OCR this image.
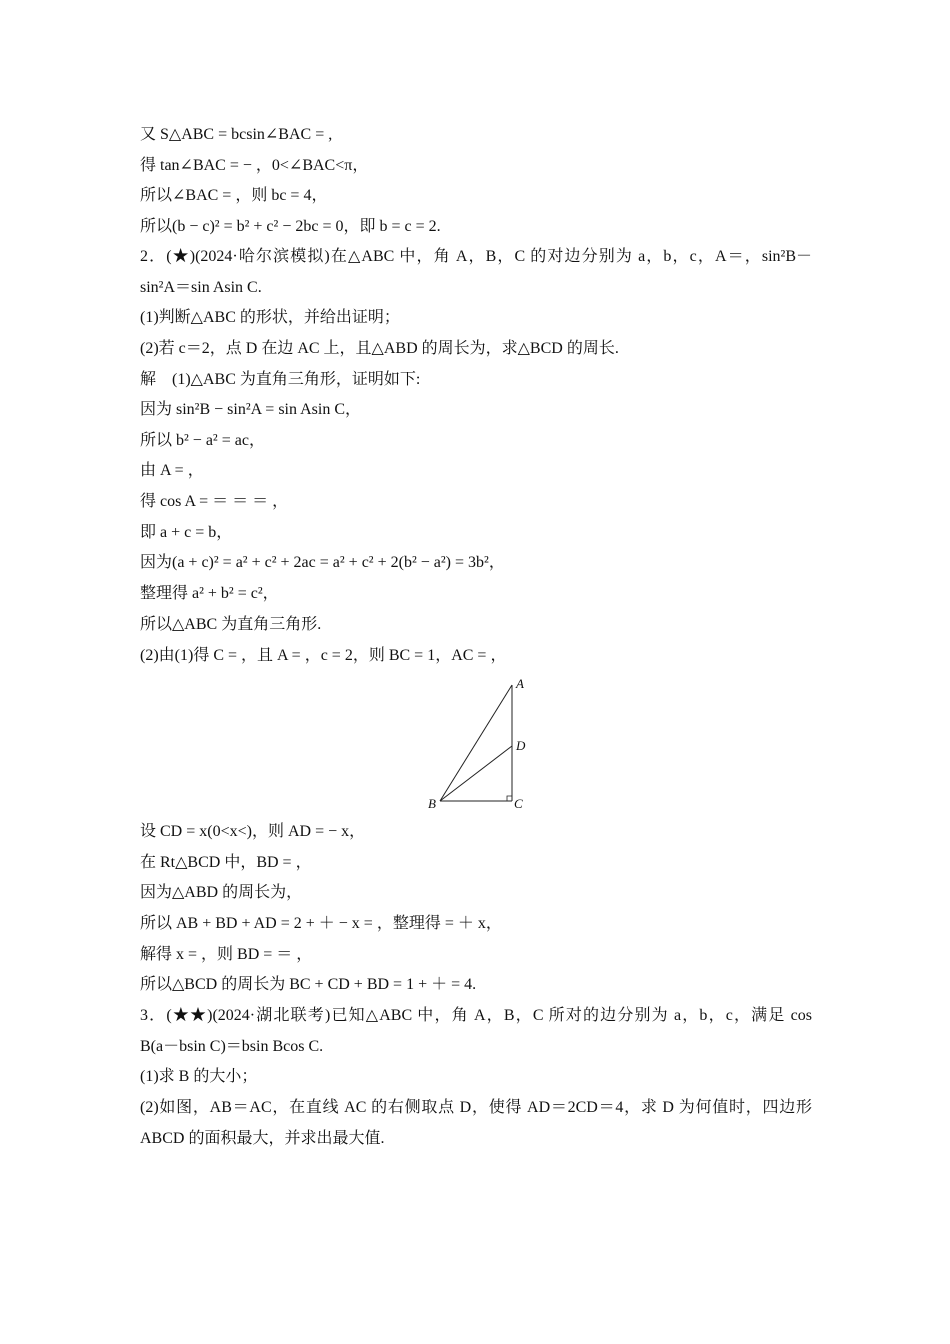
又 S△ABC = bcsin∠BAC = ,
得 tan∠BAC = − ，0<∠BAC<π，
所以∠BAC = ，则 bc = 4，
所以(b − c)² = b² + c² − 2bc = 0，即 b = c = 2.
2．(★)(2024·哈尔滨模拟)在△ABC 中，角 A，B，C 的对边分别为 a，b，c，A＝，sin²B－
sin²A＝sin Asin C.
(1)判断△ABC 的形状，并给出证明；
(2)若 c＝2，点 D 在边 AC 上，且△ABD 的周长为，求△BCD 的周长.
解　(1)△ABC 为直角三角形，证明如下:
因为 sin²B − sin²A = sin Asin C，
所以 b² − a² = ac，
由 A = ，
得 cos A = ＝ ＝ ＝ ，
即 a + c = b，
因为(a + c)² = a² + c² + 2ac = a² + c² + 2(b² − a²) = 3b²，
整理得 a² + b² = c²，
所以△ABC 为直角三角形.
(2)由(1)得 C = ，且 A = ，c = 2，则 BC = 1，AC = ，
A
D
B	C
设 CD = x(0<x<)，则 AD = − x，
在 Rt△BCD 中，BD = ，
因为△ABD 的周长为，
所以 AB + BD + AD = 2 + ＋ − x = ，整理得 = ＋ x，
解得 x = ，则 BD = ＝ ，
所以△BCD 的周长为 BC + CD + BD = 1 + ＋ = 4.
3．(★★)(2024·湖北联考)已知△ABC 中，角 A，B，C 所对的边分别为 a，b，c，满足 cos
B(a－bsin C)＝bsin Bcos C.
(1)求 B 的大小；
(2)如图，AB＝AC，在直线 AC 的右侧取点 D，使得 AD＝2CD＝4，求 D 为何值时，四边形
ABCD 的面积最大，并求出最大值.
